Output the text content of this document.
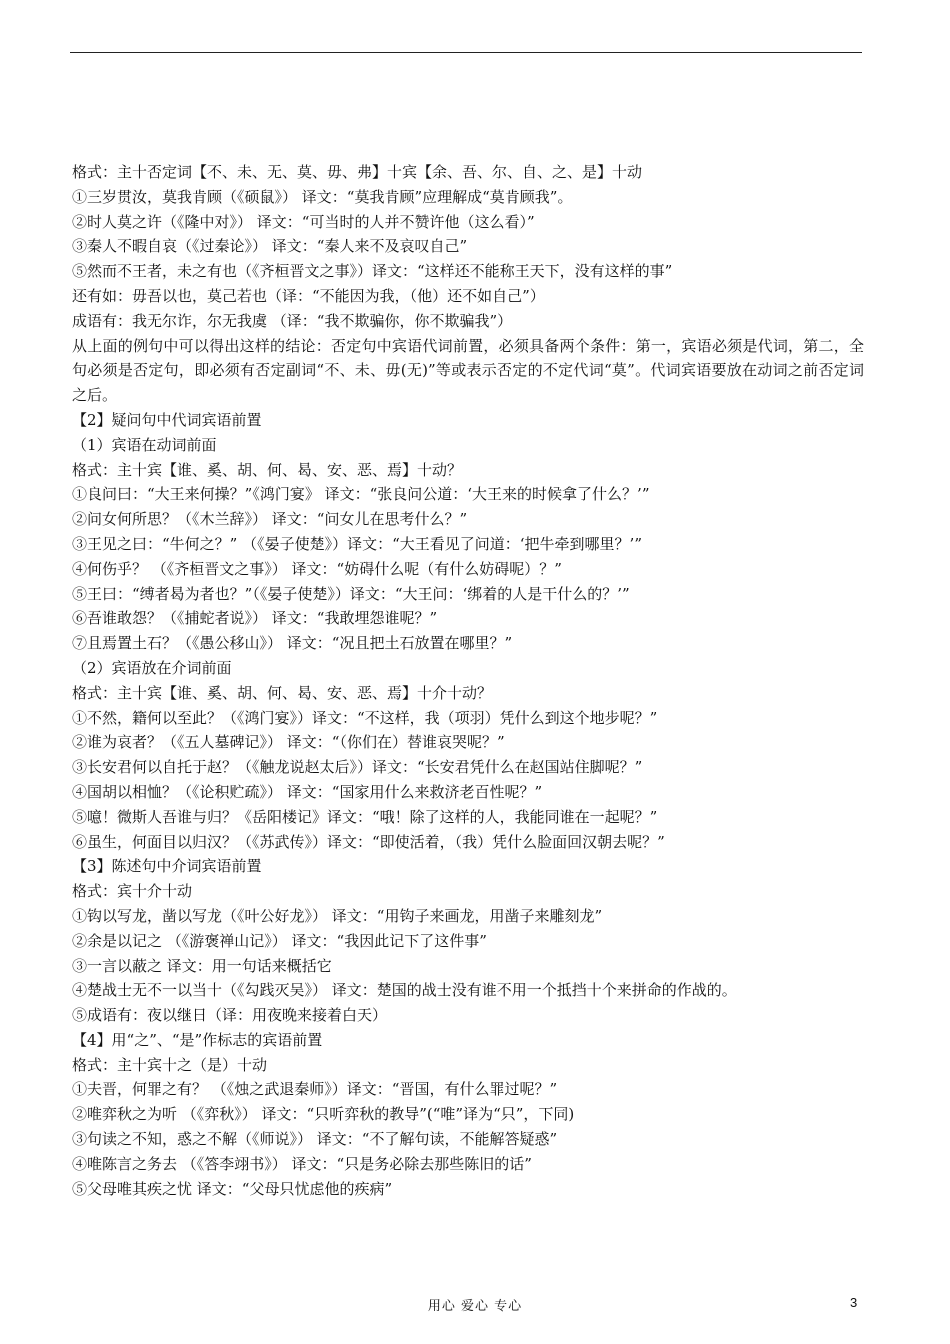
格式：主十否定词【不、未、无、莫、毋、弗】十宾【余、吾、尔、自、之、是】十动
①三岁贯汝，莫我肯顾（《硕鼠》） 译文：“莫我肯顾”应理解成“莫肯顾我”。
②时人莫之许（《隆中对》） 译文：“可当时的人并不赞许他（这么看）”
③秦人不暇自哀（《过秦论》） 译文：“秦人来不及哀叹自己”
⑤然而不王者，未之有也（《齐桓晋文之事》）译文：“这样还不能称王天下，没有这样的事”
还有如：毋吾以也，莫己若也（译：“不能因为我，（他）还不如自己”）
成语有：我无尔诈，尔无我虞 （译：“我不欺骗你，你不欺骗我”）
从上面的例句中可以得出这样的结论：否定句中宾语代词前置，必须具备两个条件：第一，宾语必须是代词，第二，全句必须是否定句，即必须有否定副词“不、未、毋(无)”等或表示否定的不定代词“莫”。代词宾语要放在动词之前否定词之后。
【2】疑问句中代词宾语前置
（1）宾语在动词前面
格式：主十宾【谁、奚、胡、何、曷、安、恶、焉】十动？
①良问曰：“大王来何操？”《鸿门宴》 译文：“张良问公道：‘大王来的时候拿了什么？’”
②问女何所思？（《木兰辞》） 译文：“问女儿在思考什么？”
③王见之曰：“牛何之？” （《晏子使楚》）译文：“大王看见了问道：‘把牛牵到哪里？’”
④何伤乎？ （《齐桓晋文之事》） 译文：“妨碍什么呢（有什么妨碍呢）？”
⑤王曰：“缚者曷为者也？”（《晏子使楚》）译文：“大王问：‘绑着的人是干什么的？’”
⑥吾谁敢怨？（《捕蛇者说》） 译文：“我敢埋怨谁呢？”
⑦且焉置土石？（《愚公移山》） 译文：“况且把土石放置在哪里？”
（2）宾语放在介词前面
格式：主十宾【谁、奚、胡、何、曷、安、恶、焉】十介十动？
①不然，籍何以至此？（《鸿门宴》）译文：“不这样，我（项羽）凭什么到这个地步呢？”
②谁为哀者？（《五人墓碑记》） 译文：“（你们在）替谁哀哭呢？”
③长安君何以自托于赵？（《触龙说赵太后》）译文：“长安君凭什么在赵国站住脚呢？”
④国胡以相恤？（《论积贮疏》） 译文：“国家用什么来救济老百性呢？”
⑤噫！微斯人吾谁与归？《岳阳楼记》译文：“哦！除了这样的人，我能同谁在一起呢？”
⑥虽生，何面目以归汉？（《苏武传》）译文：“即使活着，（我）凭什么脸面回汉朝去呢？”
【3】陈述句中介词宾语前置
格式：宾十介十动
①钩以写龙，凿以写龙（《叶公好龙》） 译文：“用钩子来画龙，用凿子来雕刻龙”
②余是以记之 （《游褒禅山记》） 译文：“我因此记下了这件事”
③一言以蔽之 译文：用一句话来概括它
④楚战士无不一以当十（《勾践灭吴》） 译文：楚国的战士没有谁不用一个抵挡十个来拼命的作战的。
⑤成语有：夜以继日（译：用夜晚来接着白天）
【4】用“之”、“是”作标志的宾语前置
格式：主十宾十之（是）十动
①夫晋，何罪之有？ （《烛之武退秦师》）译文：“晋国，有什么罪过呢？”
②唯弈秋之为听 （《弈秋》） 译文：“只听弈秋的教导”(“唯”译为“只”，下同)
③句读之不知，惑之不解（《师说》） 译文：“不了解句读，不能解答疑惑”
④唯陈言之务去 （《答李翊书》） 译文：“只是务必除去那些陈旧的话”
⑤父母唯其疾之忧 译文：“父母只忧虑他的疾病”
用心 爱心 专心	3
